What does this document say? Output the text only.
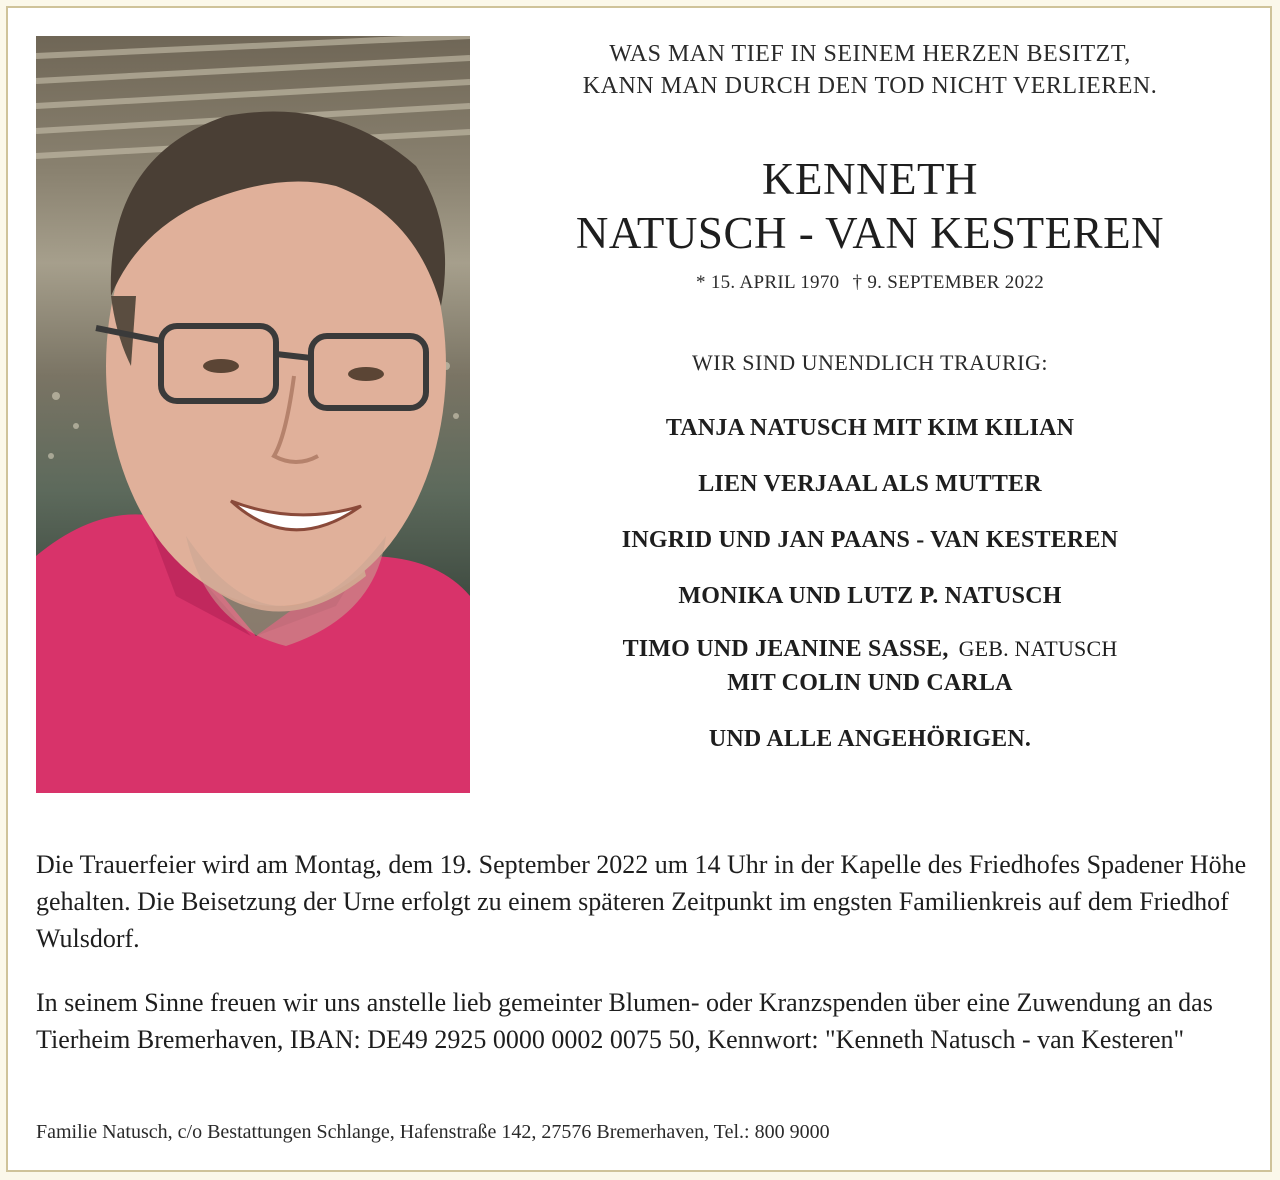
WAS MAN TIEF IN SEINEM HERZEN BESITZT,
KANN MAN DURCH DEN TOD NICHT VERLIEREN.
KENNETH
NATUSCH - VAN KESTEREN
* 15. APRIL 1970 † 9. SEPTEMBER 2022
WIR SIND UNENDLICH TRAURIG:
TANJA NATUSCH MIT KIM KILIAN
LIEN VERJAAL ALS MUTTER
INGRID UND JAN PAANS - VAN KESTEREN
MONIKA UND LUTZ P. NATUSCH
TIMO UND JEANINE SASSE, GEB. NATUSCH
MIT COLIN UND CARLA
UND ALLE ANGEHÖRIGEN.
Die Trauerfeier wird am Montag, dem 19. September 2022 um 14 Uhr in der Kapelle des Friedhofes Spadener Höhe gehalten. Die Beisetzung der Urne erfolgt zu einem späteren Zeitpunkt im engsten Familienkreis auf dem Friedhof Wulsdorf.
In seinem Sinne freuen wir uns anstelle lieb gemeinter Blumen- oder Kranzspenden über eine Zuwendung an das Tierheim Bremerhaven, IBAN: DE49 2925 0000 0002 0075 50, Kennwort: "Kenneth Natusch - van Kesteren"
Familie Natusch, c/o Bestattungen Schlange, Hafenstraße 142, 27576 Bremerhaven, Tel.: 800 9000
